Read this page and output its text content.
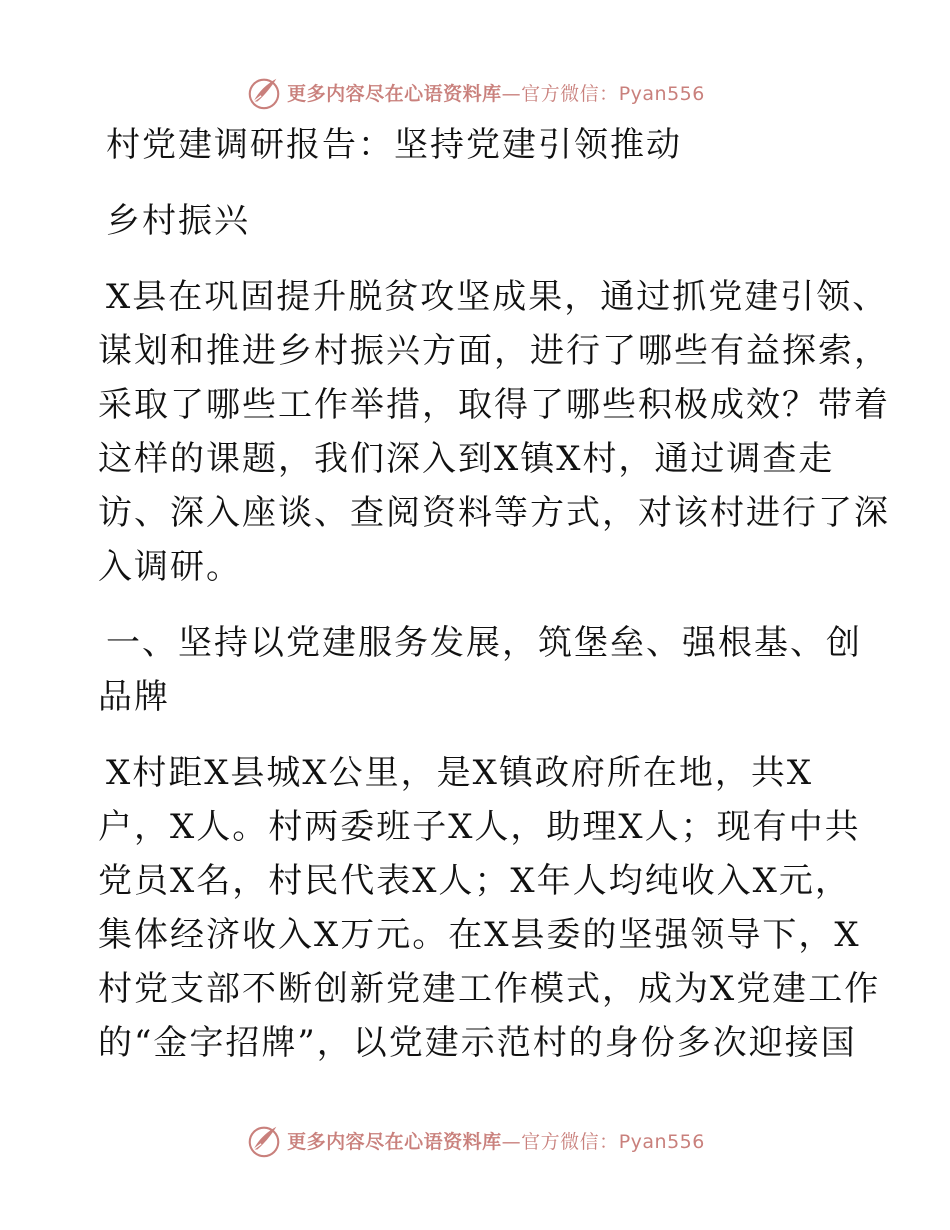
更多内容尽在心语资料库—官方微信：Pyan556
村党建调研报告：坚持党建引领推动
乡村振兴
X县在巩固提升脱贫攻坚成果，通过抓党建引领、
谋划和推进乡村振兴方面，进行了哪些有益探索，
采取了哪些工作举措，取得了哪些积极成效？带着
这样的课题，我们深入到X镇X村，通过调查走
访、深入座谈、查阅资料等方式，对该村进行了深
入调研。
一、坚持以党建服务发展，筑堡垒、强根基、创
品牌
X村距X县城X公里，是X镇政府所在地，共X
户，X人。村两委班子X人，助理X人；现有中共
党员X名，村民代表X人；X年人均纯收入X元，
集体经济收入X万元。在X县委的坚强领导下，X
村党支部不断创新党建工作模式，成为X党建工作
的“金字招牌”，以党建示范村的身份多次迎接国
更多内容尽在心语资料库—官方微信：Pyan556
